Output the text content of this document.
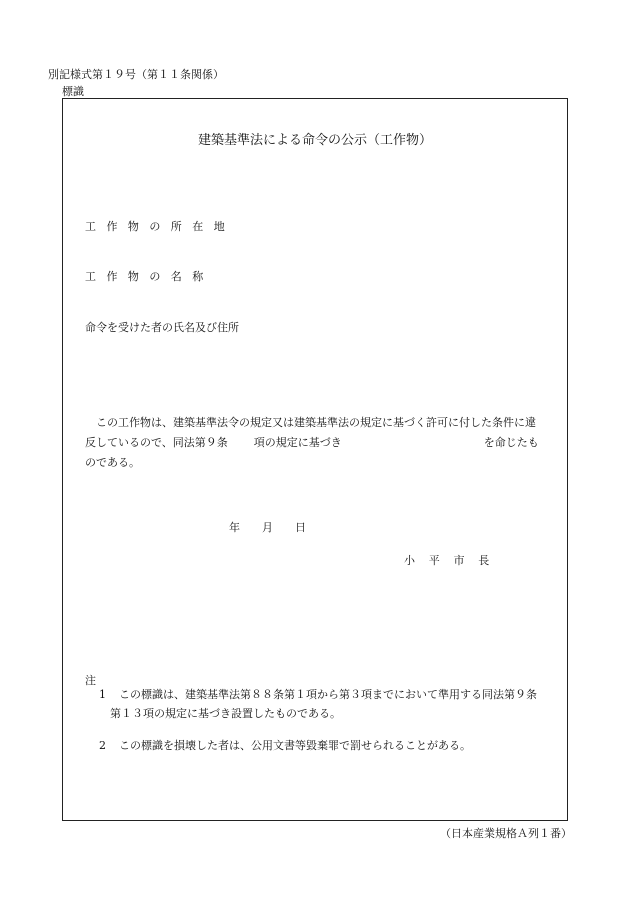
別記様式第１９号（第１１条関係）
標識
建築基準法による命令の公示（工作物）
工作物の所在地
工作物の名称
命令を受けた者の氏名及び住所
　この工作物は、建築基準法令の規定又は建築基準法の規定に基づく許可に付した条件に違
反しているので、同法第９条 項の規定に基づき	を命じたも
のである。
年 月 日
小平市長
注
1 この標識は、建築基準法第８８条第１項から第３項までにおいて準用する同法第９条
第１３項の規定に基づき設置したものである。
2 この標識を損壊した者は、公用文書等毀棄罪で罰せられることがある。
（日本産業規格Ａ列１番）
